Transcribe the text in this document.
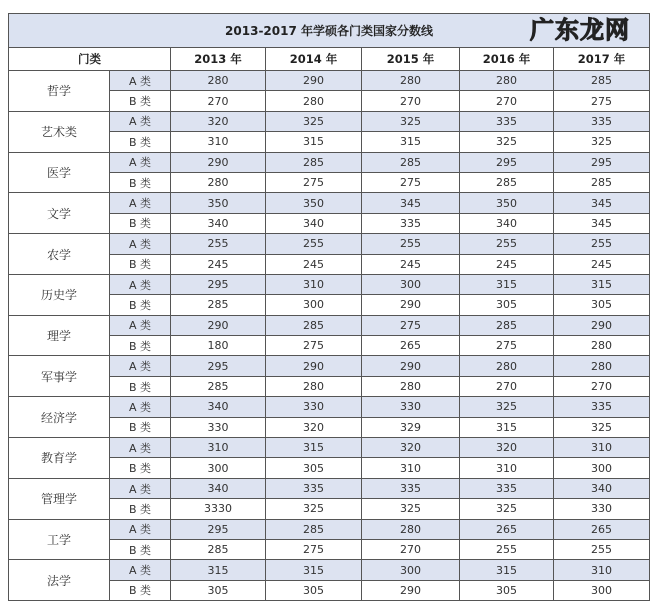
2013-2017 年学硕各门类国家分数线						
门类		2013 年	2014 年	2015 年	2016 年	2017 年
哲学	A 类	280	290	280	280	285
	B 类	270	280	270	270	275
艺术类	A 类	320	325	325	335	335
	B 类	310	315	315	325	325
医学	A 类	290	285	285	295	295
	B 类	280	275	275	285	285
文学	A 类	350	350	345	350	345
	B 类	340	340	335	340	345
农学	A 类	255	255	255	255	255
	B 类	245	245	245	245	245
历史学	A 类	295	310	300	315	315
	B 类	285	300	290	305	305
理学	A 类	290	285	275	285	290
	B 类	180	275	265	275	280
军事学	A 类	295	290	290	280	280
	B 类	285	280	280	270	270
经济学	A 类	340	330	330	325	335
	B 类	330	320	329	315	325
教育学	A 类	310	315	320	320	310
	B 类	300	305	310	310	300
管理学	A 类	340	335	335	335	340
	B 类	3330	325	325	325	330
工学	A 类	295	285	280	265	265
	B 类	285	275	270	255	255
法学	A 类	315	315	300	315	310
	B 类	305	305	290	305	300
广东龙网
